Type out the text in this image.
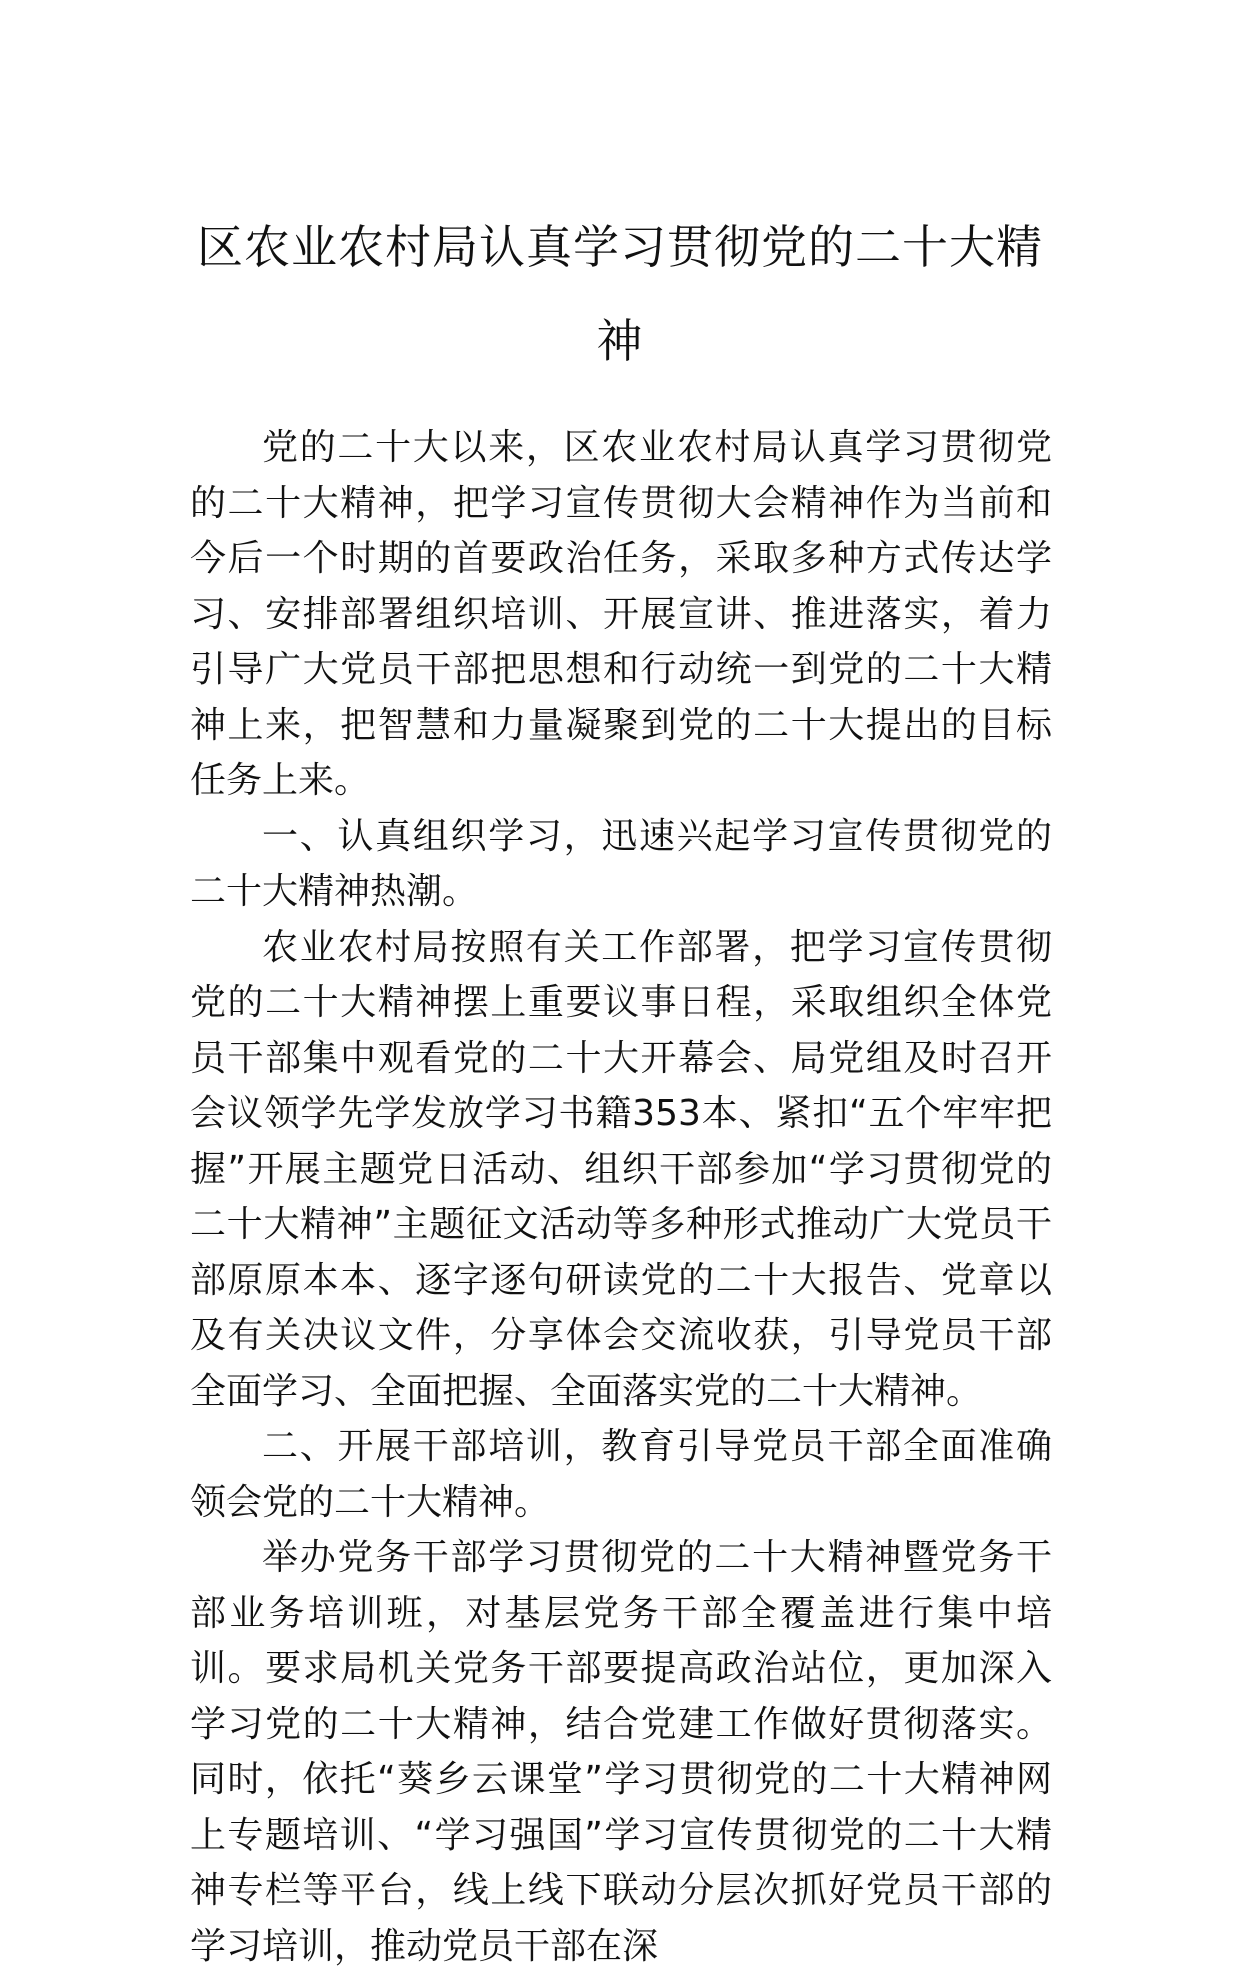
区农业农村局认真学习贯彻党的二十大精神

党的二十大以来，区农业农村局认真学习贯彻党的二十大精神，把学习宣传贯彻大会精神作为当前和今后一个时期的首要政治任务，采取多种方式传达学习、安排部署组织培训、开展宣讲、推进落实，着力引导广大党员干部把思想和行动统一到党的二十大精神上来，把智慧和力量凝聚到党的二十大提出的目标任务上来。

一、认真组织学习，迅速兴起学习宣传贯彻党的二十大精神热潮。

农业农村局按照有关工作部署，把学习宣传贯彻党的二十大精神摆上重要议事日程，采取组织全体党员干部集中观看党的二十大开幕会、局党组及时召开会议领学先学发放学习书籍353本、紧扣“五个牢牢把握”开展主题党日活动、组织干部参加“学习贯彻党的二十大精神”主题征文活动等多种形式推动广大党员干部原原本本、逐字逐句研读党的二十大报告、党章以及有关决议文件，分享体会交流收获，引导党员干部全面学习、全面把握、全面落实党的二十大精神。

二、开展干部培训，教育引导党员干部全面准确领会党的二十大精神。

举办党务干部学习贯彻党的二十大精神暨党务干部业务培训班，对基层党务干部全覆盖进行集中培训。要求局机关党务干部要提高政治站位，更加深入学习党的二十大精神，结合党建工作做好贯彻落实。同时，依托“葵乡云课堂”学习贯彻党的二十大精神网上专题培训、“学习强国”学习宣传贯彻党的二十大精神专栏等平台，线上线下联动分层次抓好党员干部的学习培训，推动党员干部在深
